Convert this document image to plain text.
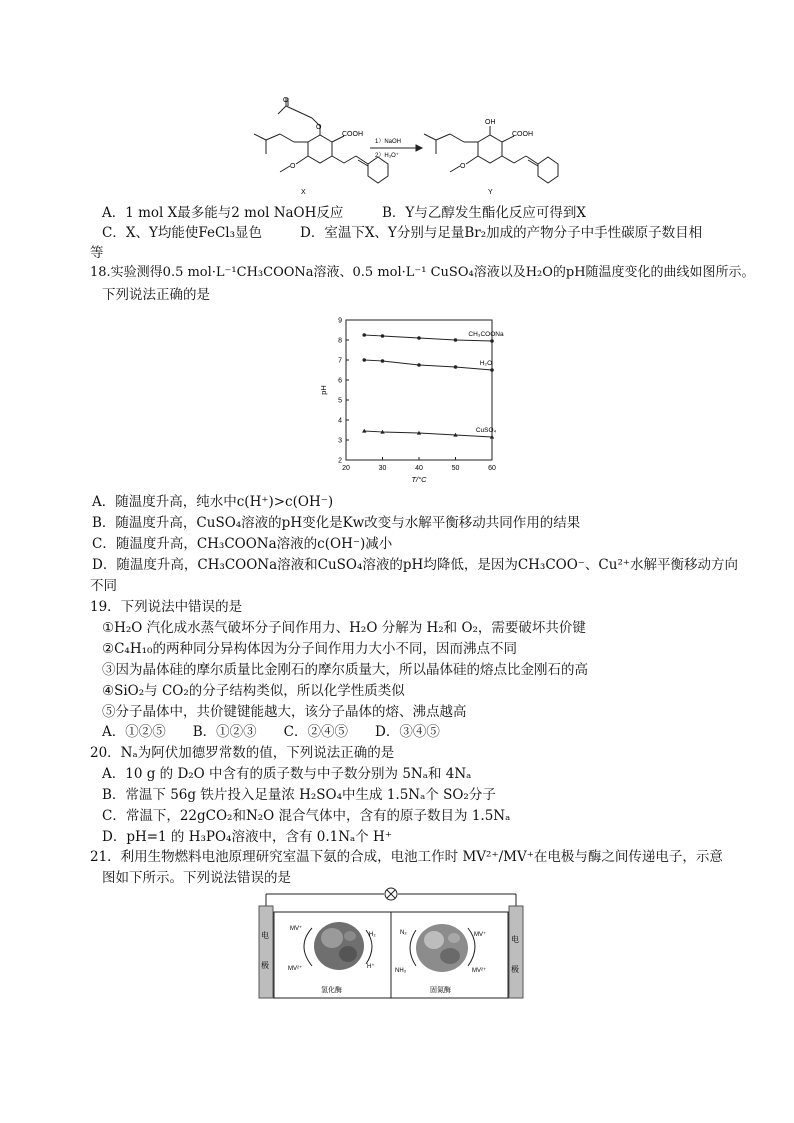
O
O
O	O
COOH	COOH
OH
1）NaOH
2）H₃O⁺
X	Y
A．1 mol X最多能与2 mol NaOH反应	B．Y与乙醇发生酯化反应可得到X
C．X、Y均能使FeCl₃显色	D．室温下X、Y分别与足量Br₂加成的产物分子中手性碳原子数目相
等
18.实验测得0.5 mol·L⁻¹CH₃COONa溶液、0.5 mol·L⁻¹ CuSO₄溶液以及H₂O的pH随温度变化的曲线如图所示。
下列说法正确的是
20	30	40	50	60
2
3
4
5
6
7
8
9
T/°C
pH
CH₃COONa
H₂O
CuSO₄
A．随温度升高，纯水中c(H⁺)>c(OH⁻)
B．随温度升高，CuSO₄溶液的pH变化是Kw改变与水解平衡移动共同作用的结果
C．随温度升高，CH₃COONa溶液的c(OH⁻)减小
D．随温度升高，CH₃COONa溶液和CuSO₄溶液的pH均降低，是因为CH₃COO⁻、Cu²⁺水解平衡移动方向
不同
19．下列说法中错误的是
①H₂O 汽化成水蒸气破坏分子间作用力、H₂O 分解为 H₂和 O₂，需要破坏共价键
②C₄H₁₀的两种同分异构体因为分子间作用力大小不同，因而沸点不同
③因为晶体硅的摩尔质量比金刚石的摩尔质量大，所以晶体硅的熔点比金刚石的高
④SiO₂与 CO₂的分子结构类似，所以化学性质类似
⑤分子晶体中，共价键键能越大，该分子晶体的熔、沸点越高
A．①②⑤　　B．①②③　　C．②④⑤　　D．③④⑤
20．Nₐ为阿伏加德罗常数的值，下列说法正确的是
A．10 g 的 D₂O 中含有的质子数与中子数分别为 5Nₐ和 4Nₐ
B．常温下 56g 铁片投入足量浓 H₂SO₄中生成 1.5Nₐ个 SO₂分子
C．常温下，22gCO₂和N₂O 混合气体中，含有的原子数目为 1.5Nₐ
D．pH=1 的 H₃PO₄溶液中，含有 0.1Nₐ个 H⁺
21．利用生物燃料电池原理研究室温下氨的合成，电池工作时 MV²⁺/MV⁺在电极与酶之间传递电子，示意
图如下所示。下列说法错误的是
电
极
电
极
MV⁺
MV²⁺
H₂
H⁺
氢化酶
N₂
NH₃
MV⁺
MV²⁺
固氮酶
